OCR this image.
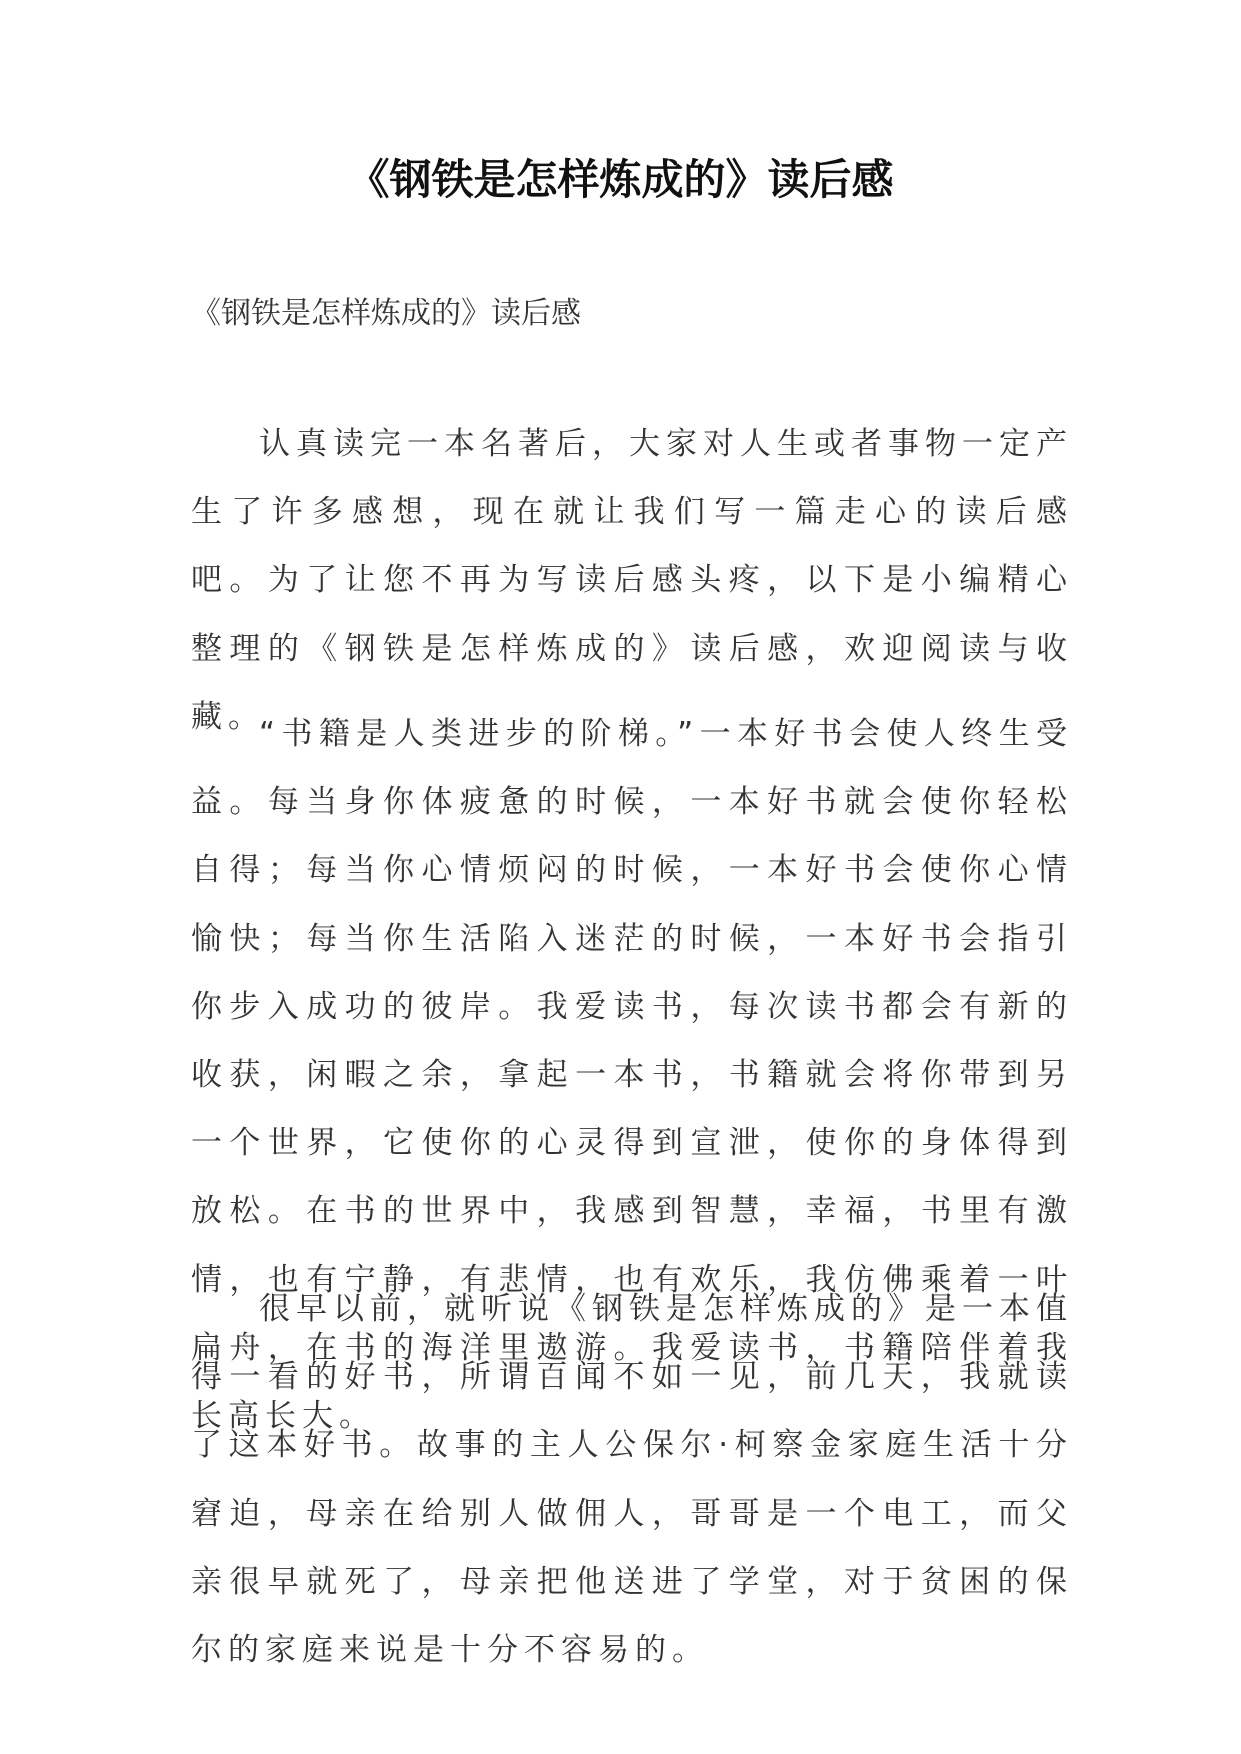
《钢铁是怎样炼成的》读后感

《钢铁是怎样炼成的》读后感

认真读完一本名著后，大家对人生或者事物一定产生了许多感想，现在就让我们写一篇走心的读后感吧。为了让您不再为写读后感头疼，以下是小编精心整理的《钢铁是怎样炼成的》读后感，欢迎阅读与收藏。

“书籍是人类进步的阶梯。”一本好书会使人终生受益。每当身你体疲惫的时候，一本好书就会使你轻松自得；每当你心情烦闷的时候，一本好书会使你心情愉快；每当你生活陷入迷茫的时候，一本好书会指引你步入成功的彼岸。我爱读书，每次读书都会有新的收获，闲暇之余，拿起一本书，书籍就会将你带到另一个世界，它使你的心灵得到宣泄，使你的身体得到放松。在书的世界中，我感到智慧，幸福，书里有激情，也有宁静，有悲情，也有欢乐，我仿佛乘着一叶扁舟，在书的海洋里遨游。我爱读书，书籍陪伴着我长高长大。

很早以前，就听说《钢铁是怎样炼成的》是一本值得一看的好书，所谓百闻不如一见，前几天，我就读了这本好书。故事的主人公保尔·柯察金家庭生活十分窘迫，母亲在给别人做佣人，哥哥是一个电工，而父亲很早就死了，母亲把他送进了学堂，对于贫困的保尔的家庭来说是十分不容易的。
